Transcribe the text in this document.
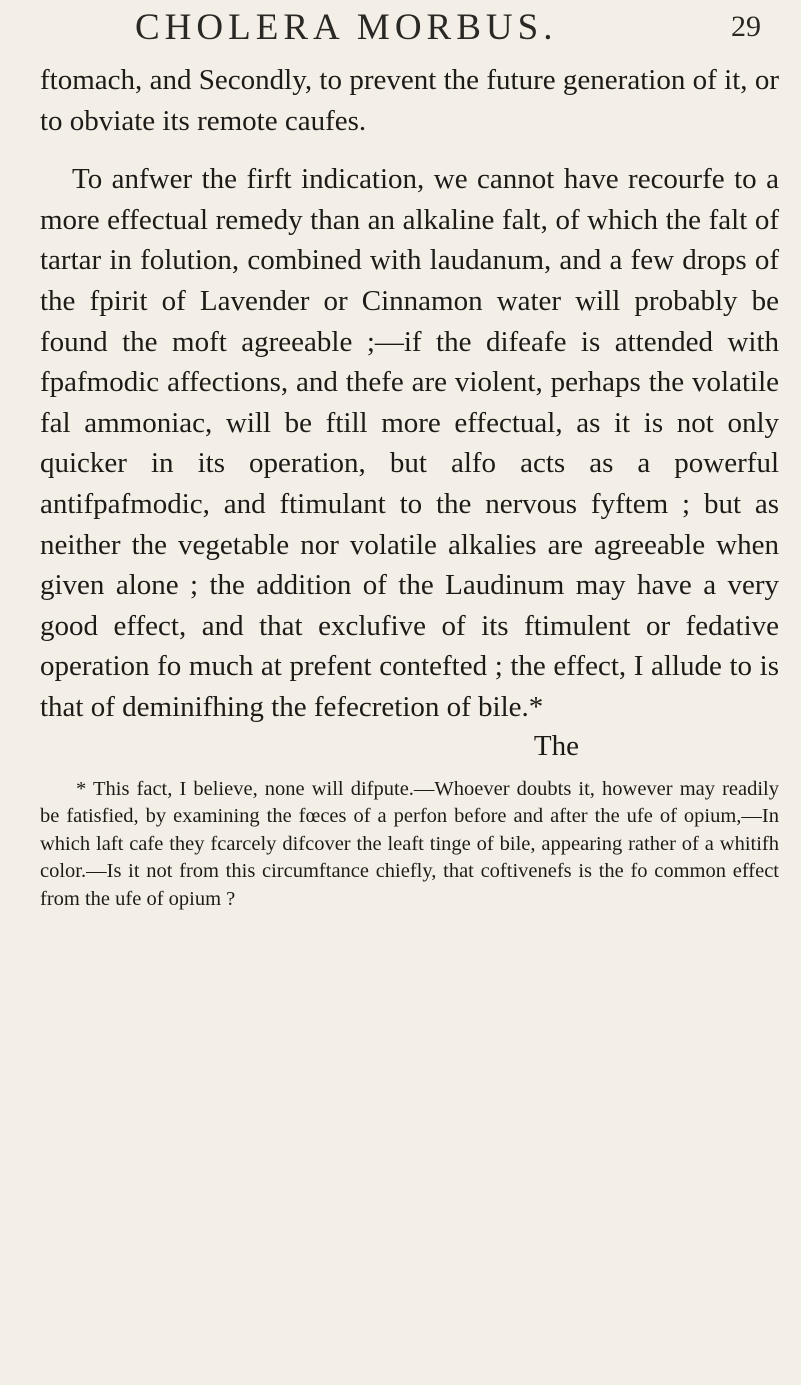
CHOLERA MORBUS.	29

ftomach, and Secondly, to prevent the future generation of it, or to obviate its remote caufes.

To anfwer the firft indication, we cannot have recourfe to a more effectual remedy than an alkaline falt, of which the falt of tartar in folution, combined with laudanum, and a few drops of the fpirit of Lavender or Cinnamon water will probably be found the moft agreeable ;—if the difeafe is attended with fpafmodic affections, and thefe are violent, perhaps the volatile fal ammoniac, will be ftill more effectual, as it is not only quicker in its operation, but alfo acts as a powerful antifpafmodic, and ftimulant to the nervous fyftem ; but as neither the vegetable nor volatile alkalies are agreeable when given alone ; the addition of the Laudinum may have a very good effect, and that exclufive of its ftimulent or fedative operation fo much at prefent contefted ; the effect, I allude to is that of deminifhing the fefecretion of bile.*

The

* This fact, I believe, none will difpute.—Whoever doubts it, however may readily be fatisfied, by examining the fœces of a perfon before and after the ufe of opium,—In which laft cafe they fcarcely difcover the leaft tinge of bile, appearing rather of a whitifh color.—Is it not from this circumftance chiefly, that coftivenefs is the fo common effect from the ufe of opium ?
